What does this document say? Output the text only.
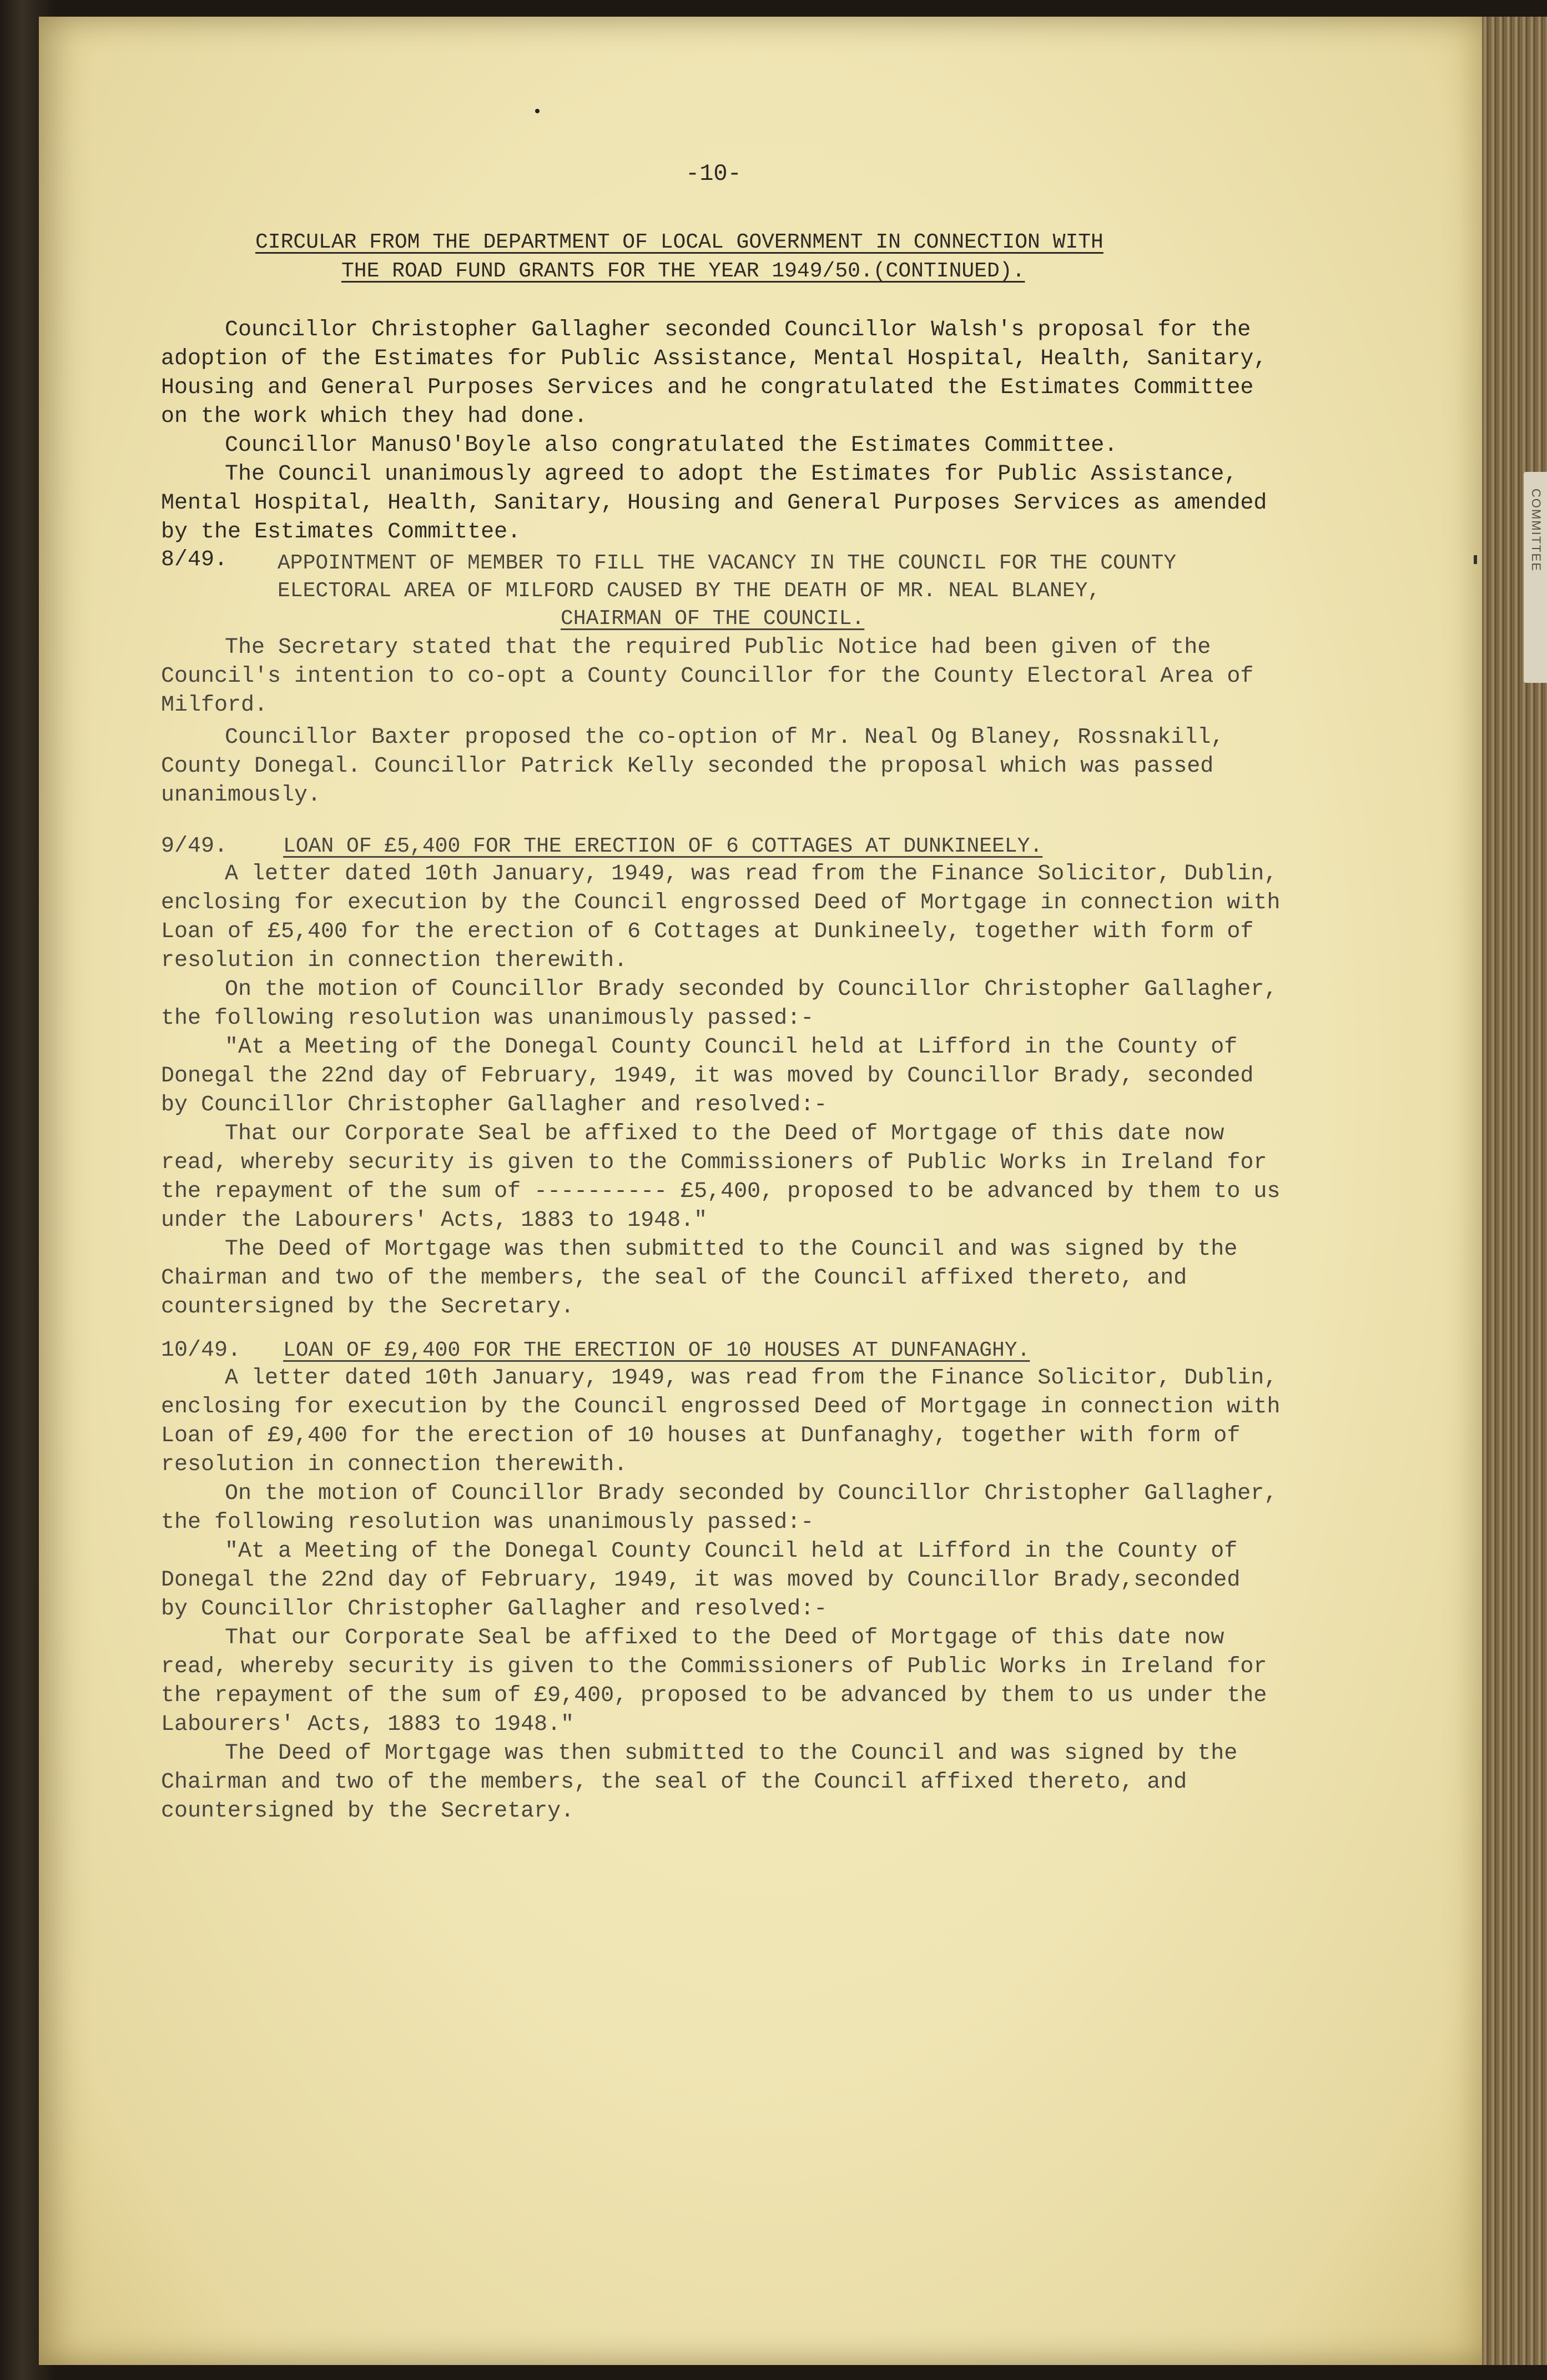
-10-
CIRCULAR FROM THE DEPARTMENT OF LOCAL GOVERNMENT IN CONNECTION WITH
THE ROAD FUND GRANTS FOR THE YEAR 1949/50.(CONTINUED).
Councillor Christopher Gallagher seconded Councillor Walsh's proposal for the
adoption of the Estimates for Public Assistance, Mental Hospital, Health, Sanitary,
Housing and General Purposes Services and he congratulated the Estimates Committee
on the work which they had done.
Councillor ManusO'Boyle also congratulated the Estimates Committee.
The Council unanimously agreed to adopt the Estimates for Public Assistance,
Mental Hospital, Health, Sanitary, Housing and General Purposes Services as amended
by the Estimates Committee.
8/49. APPOINTMENT OF MEMBER TO FILL THE VACANCY IN THE COUNCIL FOR THE COUNTY
ELECTORAL AREA OF MILFORD CAUSED BY THE DEATH OF MR. NEAL BLANEY,
CHAIRMAN OF THE COUNCIL.
The Secretary stated that the required Public Notice had been given of the
Council's intention to co-opt a County Councillor for the County Electoral Area of
Milford.
Councillor Baxter proposed the co-option of Mr. Neal Og Blaney, Rossnakill,
County Donegal. Councillor Patrick Kelly seconded the proposal which was passed
unanimously.
9/49.	LOAN OF £5,400 FOR THE ERECTION OF 6 COTTAGES AT DUNKINEELY.
A letter dated 10th January, 1949, was read from the Finance Solicitor, Dublin,
enclosing for execution by the Council engrossed Deed of Mortgage in connection with
Loan of £5,400 for the erection of 6 Cottages at Dunkineely, together with form of
resolution in connection therewith.
On the motion of Councillor Brady seconded by Councillor Christopher Gallagher,
the following resolution was unanimously passed:-
"At a Meeting of the Donegal County Council held at Lifford in the County of
Donegal the 22nd day of February, 1949, it was moved by Councillor Brady, seconded
by Councillor Christopher Gallagher and resolved:-
That our Corporate Seal be affixed to the Deed of Mortgage of this date now
read, whereby security is given to the Commissioners of Public Works in Ireland for
the repayment of the sum of ---------- £5,400, proposed to be advanced by them to us
under the Labourers' Acts, 1883 to 1948."
The Deed of Mortgage was then submitted to the Council and was signed by the
Chairman and two of the members, the seal of the Council affixed thereto, and
countersigned by the Secretary.
10/49. LOAN OF £9,400 FOR THE ERECTION OF 10 HOUSES AT DUNFANAGHY.
A letter dated 10th January, 1949, was read from the Finance Solicitor, Dublin,
enclosing for execution by the Council engrossed Deed of Mortgage in connection with
Loan of £9,400 for the erection of 10 houses at Dunfanaghy, together with form of
resolution in connection therewith.
On the motion of Councillor Brady seconded by Councillor Christopher Gallagher,
the following resolution was unanimously passed:-
"At a Meeting of the Donegal County Council held at Lifford in the County of
Donegal the 22nd day of February, 1949, it was moved by Councillor Brady,seconded
by Councillor Christopher Gallagher and resolved:-
That our Corporate Seal be affixed to the Deed of Mortgage of this date now
read, whereby security is given to the Commissioners of Public Works in Ireland for
the repayment of the sum of £9,400, proposed to be advanced by them to us under the
Labourers' Acts, 1883 to 1948."
The Deed of Mortgage was then submitted to the Council and was signed by the
Chairman and two of the members, the seal of the Council affixed thereto, and
countersigned by the Secretary.
COMMITTEE
